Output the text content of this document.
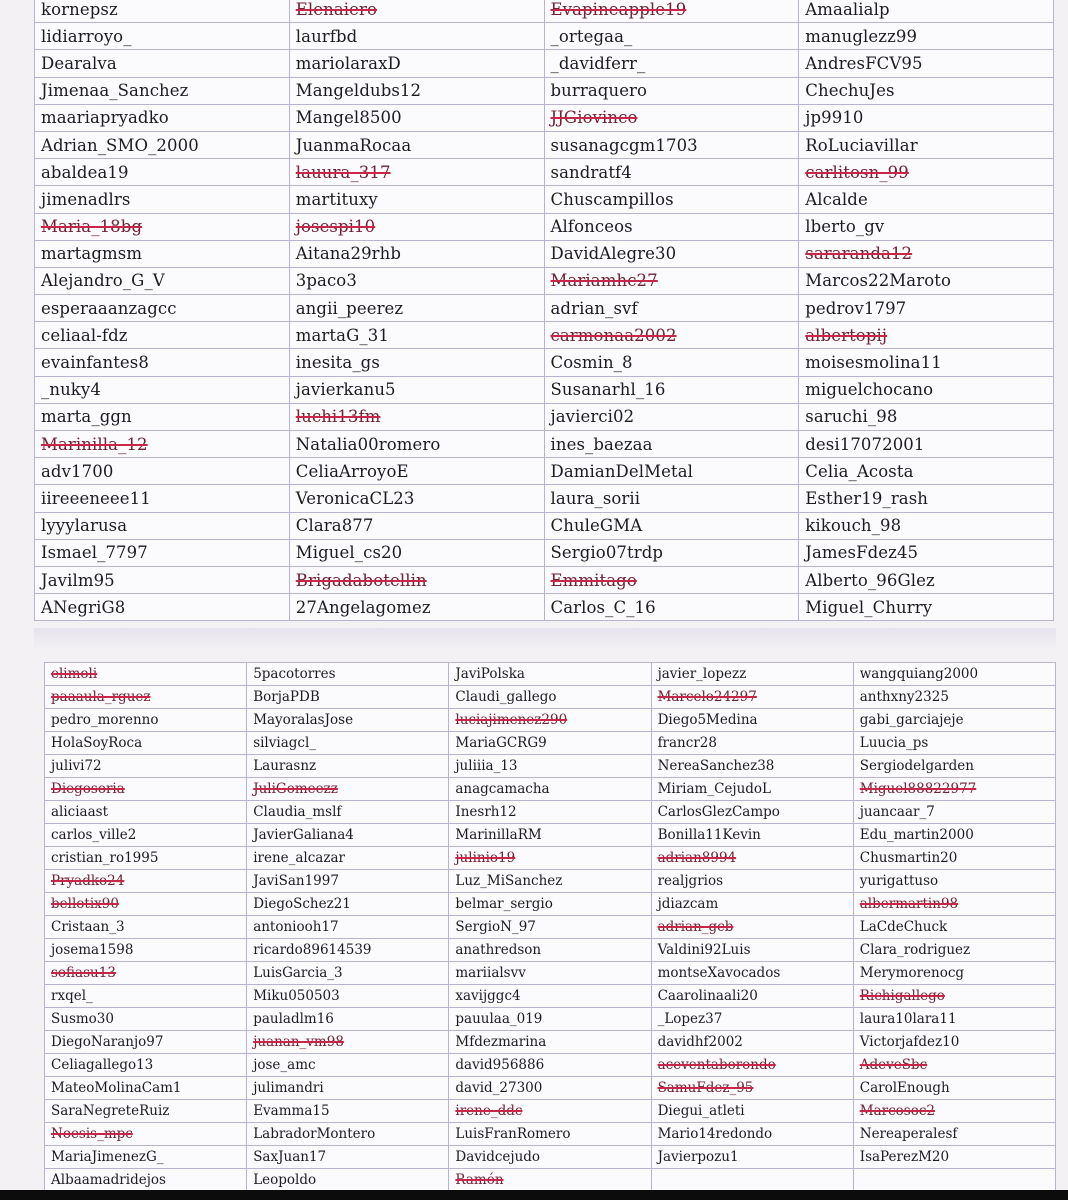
kornepsz	Elenaiero	Evapineapple19	Amaalialp
lidiarroyo_	laurfbd	_ortegaa_	manuglezz99
Dearalva	mariolaraxD	_davidferr_	AndresFCV95
Jimenaa_Sanchez	Mangeldubs12	burraquero	ChechuJes
maariapryadko	Mangel8500	JJGiovinco	jp9910
Adrian_SMO_2000	JuanmaRocaa	susanagcgm1703	RoLuciavillar
abaldea19	lauura_317	sandratf4	carlitosn_99
jimenadlrs	martituxy	Chuscampillos	Alcalde
Maria_18bg	josespi10	Alfonceos	lberto_gv
martagmsm	Aitana29rhb	DavidAlegre30	sararanda12
Alejandro_G_V	3paco3	Mariamhc27	Marcos22Maroto
esperaaanzagcc	angii_peerez	adrian_svf	pedrov1797
celiaal-fdz	martaG_31	carmonaa2002	albertopij
evainfantes8	inesita_gs	Cosmin_8	moisesmolina11
_nuky4	javierkanu5	Susanarhl_16	miguelchocano
marta_ggn	luchi13fm	javierci02	saruchi_98
Marinilla_12	Natalia00romero	ines_baezaa	desi17072001
adv1700	CeliaArroyoE	DamianDelMetal	Celia_Acosta
iireeeneee11	VeronicaCL23	laura_sorii	Esther19_rash
lyyylarusa	Clara877	ChuleGMA	kikouch_98
Ismael_7797	Miguel_cs20	Sergio07trdp	JamesFdez45
Javilm95	Brigadabotellin	Emmitago	Alberto_96Glez
ANegriG8	27Angelagomez	Carlos_C_16	Miguel_Churry
elimoli	5pacotorres	JaviPolska	javier_lopezz	wangquiang2000
paaaula_rguez	BorjaPDB	Claudi_gallego	Marcelo24297	anthxny2325
pedro_morenno	MayoralasJose	luciajimenez290	Diego5Medina	gabi_garciajeje
HolaSoyRoca	silviagcl_	MariaGCRG9	francr28	Luucia_ps
julivi72	Laurasnz	juliiia_13	NereaSanchez38	Sergiodelgarden
Diegosoria	JuliGomeezz	anagcamacha	Miriam_CejudoL	Miguel88822977
aliciaast	Claudia_mslf	Inesrh12	CarlosGlezCampo	juancaar_7
carlos_ville2	JavierGaliana4	MarinillaRM	Bonilla11Kevin	Edu_martin2000
cristian_ro1995	irene_alcazar	julinio19	adrian8994	Chusmartin20
Pryadko24	JaviSan1997	Luz_MiSanchez	realjgrios	yurigattuso
bellotix90	DiegoSchez21	belmar_sergio	jdiazcam	albermartin98
Cristaan_3	antoniooh17	SergioN_97	adrian_gcb	LaCdeChuck
josema1598	ricardo89614539	anathredson	Valdini92Luis	Clara_rodriguez
sofiasu13	LuisGarcia_3	mariialsvv	montseXavocados	Merymorenocg
rxqel_	Miku050503	xavijggc4	Caarolinaali20	Richigallego
Susmo30	pauladlm16	pauulaa_019	_Lopez37	laura10lara11
DiegoNaranjo97	juanan_vm98	Mfdezmarina	davidhf2002	Victorjafdez10
Celiagallego13	jose_amc	david956886	aceventaborondo	AdeveSbc
MateoMolinaCam1	julimandri	david_27300	SamuFdez_95	CarolEnough
SaraNegreteRuiz	Evamma15	irene_ddc	Diegui_atleti	Marcosoc2
Noesis_mpc	LabradorMontero	LuisFranRomero	Mario14redondo	Nereaperalesf
MariaJimenezG_	SaxJuan17	Davidcejudo	Javierpozu1	IsaPerezM20
Albaamadridejos	Leopoldo	Ramón		
